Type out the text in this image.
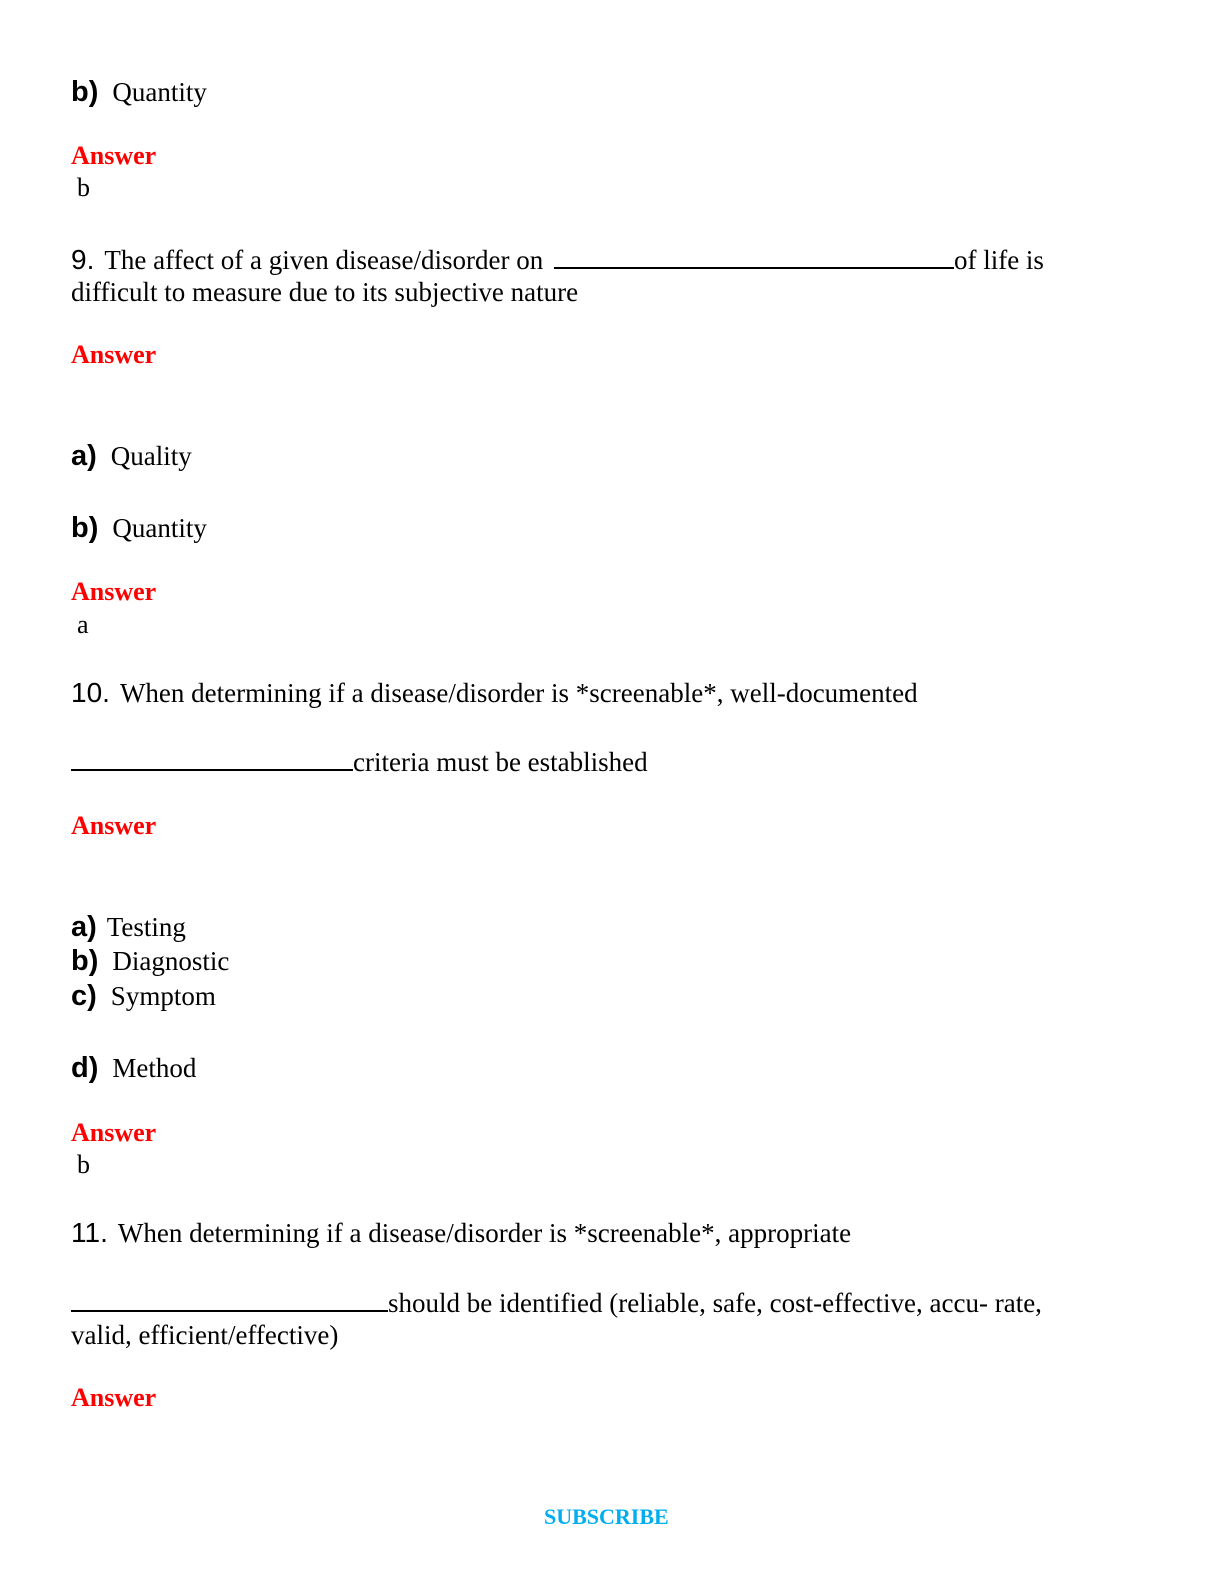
b) Quantity
Answer
b
9. The affect of a given disease/disorder on	of life is
difficult to measure due to its subjective nature
Answer
a) Quality
b) Quantity
Answer
a
10. When determining if a disease/disorder is *screenable*, well-documented
criteria must be established
Answer
a) Testing
b) Diagnostic
c) Symptom
d) Method
Answer
b
11. When determining if a disease/disorder is *screenable*, appropriate
should be identified (reliable, safe, cost-effective, accu- rate,
valid, efficient/effective)
Answer
SUBSCRIBE
